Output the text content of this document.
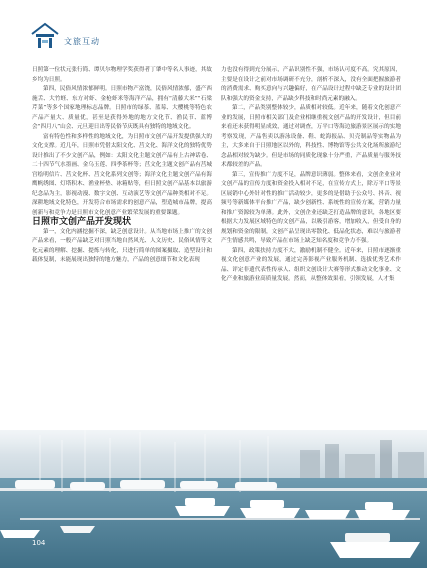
文旅互动

日照第一位状元张行简、谭贝尔物理学奖获得者丁肇中等名人事迹，其故乡均为日照。

第四，民俗风情浓郁鲜明。日照市物产富饶，民俗风情浓郁，盛产西施舌、大竹蛏、东方对虾、金枪虾米等海洋产品，拥有“清藤大米”“石梁芹菜”等多个国家地理标志品牌。日照市的绿茶、蓝莓、大樱桃等特色农产品产量大、质量优，甚至是获得外地的地方文化节、渔民节、蓝博会“四月八”山会、元旦迎日出等民俗节庆既具有独特的地域文化。

富有特色性和多样性的地域文化，为日照市文创产品开发提供强大的文化支撑。近几年，日照市凭借太阳文化、莒文化、海洋文化的独特优势设计推出了不少文创产品，例如：太阳文化主题文创产品有上古神话卷、二十四节气水墨画、金乌玉莲、四季茶杯等；莒文化主题文创产品有莒城宫绘明信片、莒文化杯、莒文化系列文创等；海洋文化主题文创产品有海鹰帆绣图、灯塔积木、渔业杯垫、冰箱贴等，但日照文创产品基本以旅游纪念品为主，影视动漫、数字文创、互动演艺等文创产品种类相对不足。深耕地域文化特色，开发符合市场需求的创意产品，塑造城市品牌，提高创新与和竞争力是日照市文化创意产业繁荣发展的重要课题。

日照市文创产品开发现状

第一，文化内涵挖掘不深，缺乏创意设计。从当地市场上推广的文创产品来看，一般产品缺乏对日照当地自然风光、人文历史、民俗风情等文化元素的理解、挖掘、提炼与转化，只进行简单的图案摄取、造型设计和载体复制，未能展现出独特的地方魅力，产品的创意细节和文化表现

力也没有得到充分展示，产品识别性不强，市场认可度不高。究其原因，主要是在设计之前对市场调研不充分，剖析不深入，没有全面把握旅游者的消费需求、购买意向与兴趣偏好，在产品设计过程中缺乏专业的设计团队和强大的资金支持，产品缺少科技和时尚元素的融入。

第二，产品类别整体较少，品质相对较低。近年来，随着文化创意产业的发展，日照市相关部门及企业相继重视文创产品的开发设计，但目前来看还未获得明显成效，通过对调查，万平口等海边旅游景区展示的实地考察发现，产品售卖以游泳设备、鞋、蛇海报品、贝壳制品等实物品为主，大多来自于日照地区以外的，科技性、博物馆等公共文化场所旅游纪念品相对较为缺少。但是市场的同质化现象十分严重，产品质量与服务技术都较差的产品。

第三，宣传推广力度不足，品牌意识薄弱。整体来看，文创企业业对文创产品的宣传力度和资金投入相对不足，在宣传方式上，除万平口等景区展销中心外针对性的推广活动较少，更多的是借助于公众号、抖音、视频号等新媒体平台推广产品，缺少创新性、系统性的宣传方案，营销力量和推广资源较为单薄。此外，文创企业还缺乏打造品牌的意识，各地区要根据大力发展区域特色的文创产品，以吸引游客，增加收入，但受自身的规划和资金的限制，文创产品呈现出零散化、低品化状态，难以与旅游者产生情感共鸣，导致产品在市场上缺乏知名度和竞争力不强。

第四，政策扶持力度不大，激励机制不健全。近年来，日照市逐渐重视文化创意产业的发展，通过完善影视产业服务机制、选拔优秀艺术作品、评定非遗代表性传承人、组织文创设计大赛等形式推动文化事业、文化产业和旅游业高质量发展。然而，从整体效果看，引领发展，人才集

104
